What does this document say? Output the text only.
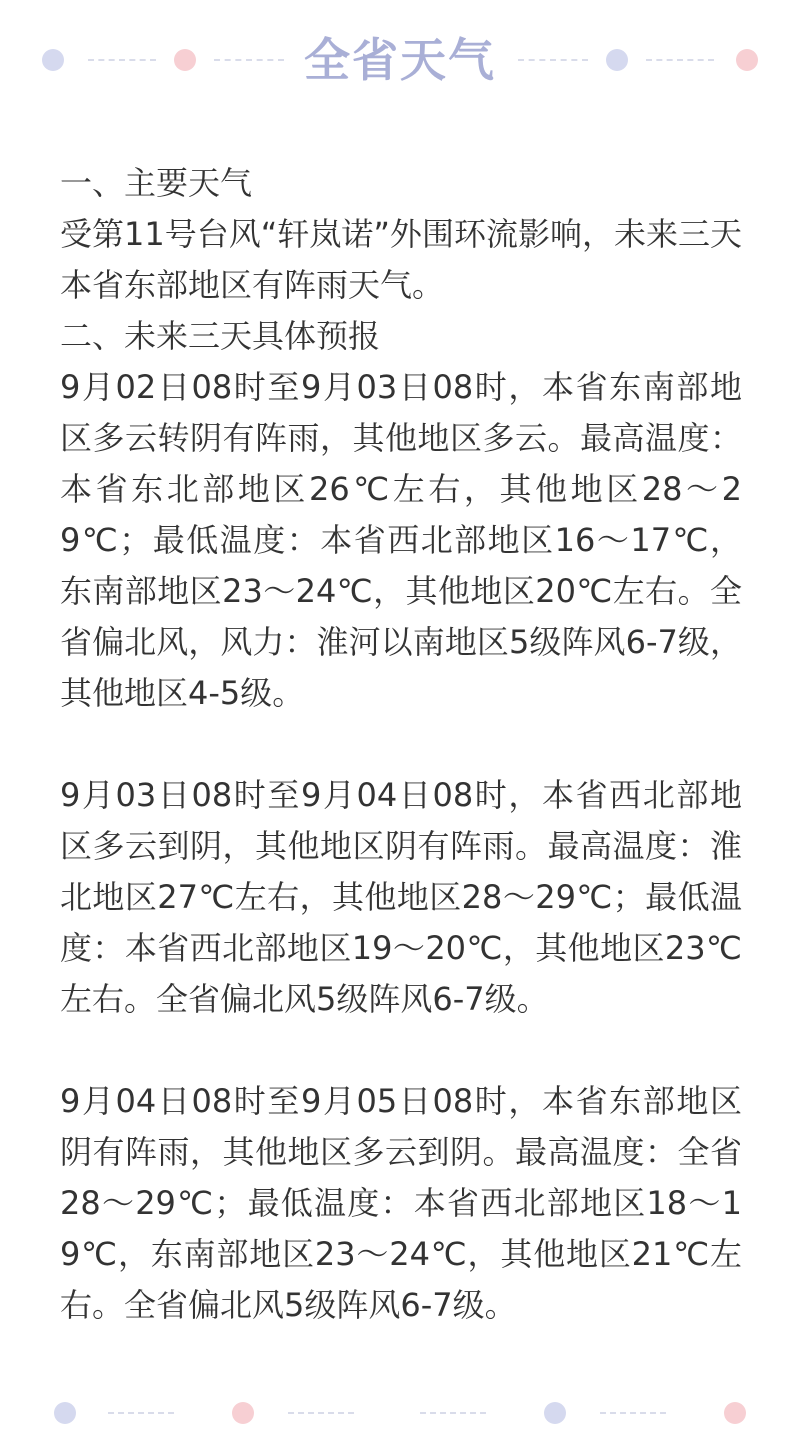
全省天气

一、主要天气

受第11号台风“轩岚诺”外围环流影响，未来三天本省东部地区有阵雨天气。

二、未来三天具体预报

9月02日08时至9月03日08时，本省东南部地区多云转阴有阵雨，其他地区多云。最高温度：本省东北部地区26℃左右，其他地区28～29℃；最低温度：本省西北部地区16～17℃，东南部地区23～24℃，其他地区20℃左右。全省偏北风，风力：淮河以南地区5级阵风6-7级，其他地区4-5级。

9月03日08时至9月04日08时，本省西北部地区多云到阴，其他地区阴有阵雨。最高温度：淮北地区27℃左右，其他地区28～29℃；最低温度：本省西北部地区19～20℃，其他地区23℃左右。全省偏北风5级阵风6-7级。

9月04日08时至9月05日08时，本省东部地区阴有阵雨，其他地区多云到阴。最高温度：全省28～29℃；最低温度：本省西北部地区18～19℃，东南部地区23～24℃，其他地区21℃左右。全省偏北风5级阵风6-7级。
